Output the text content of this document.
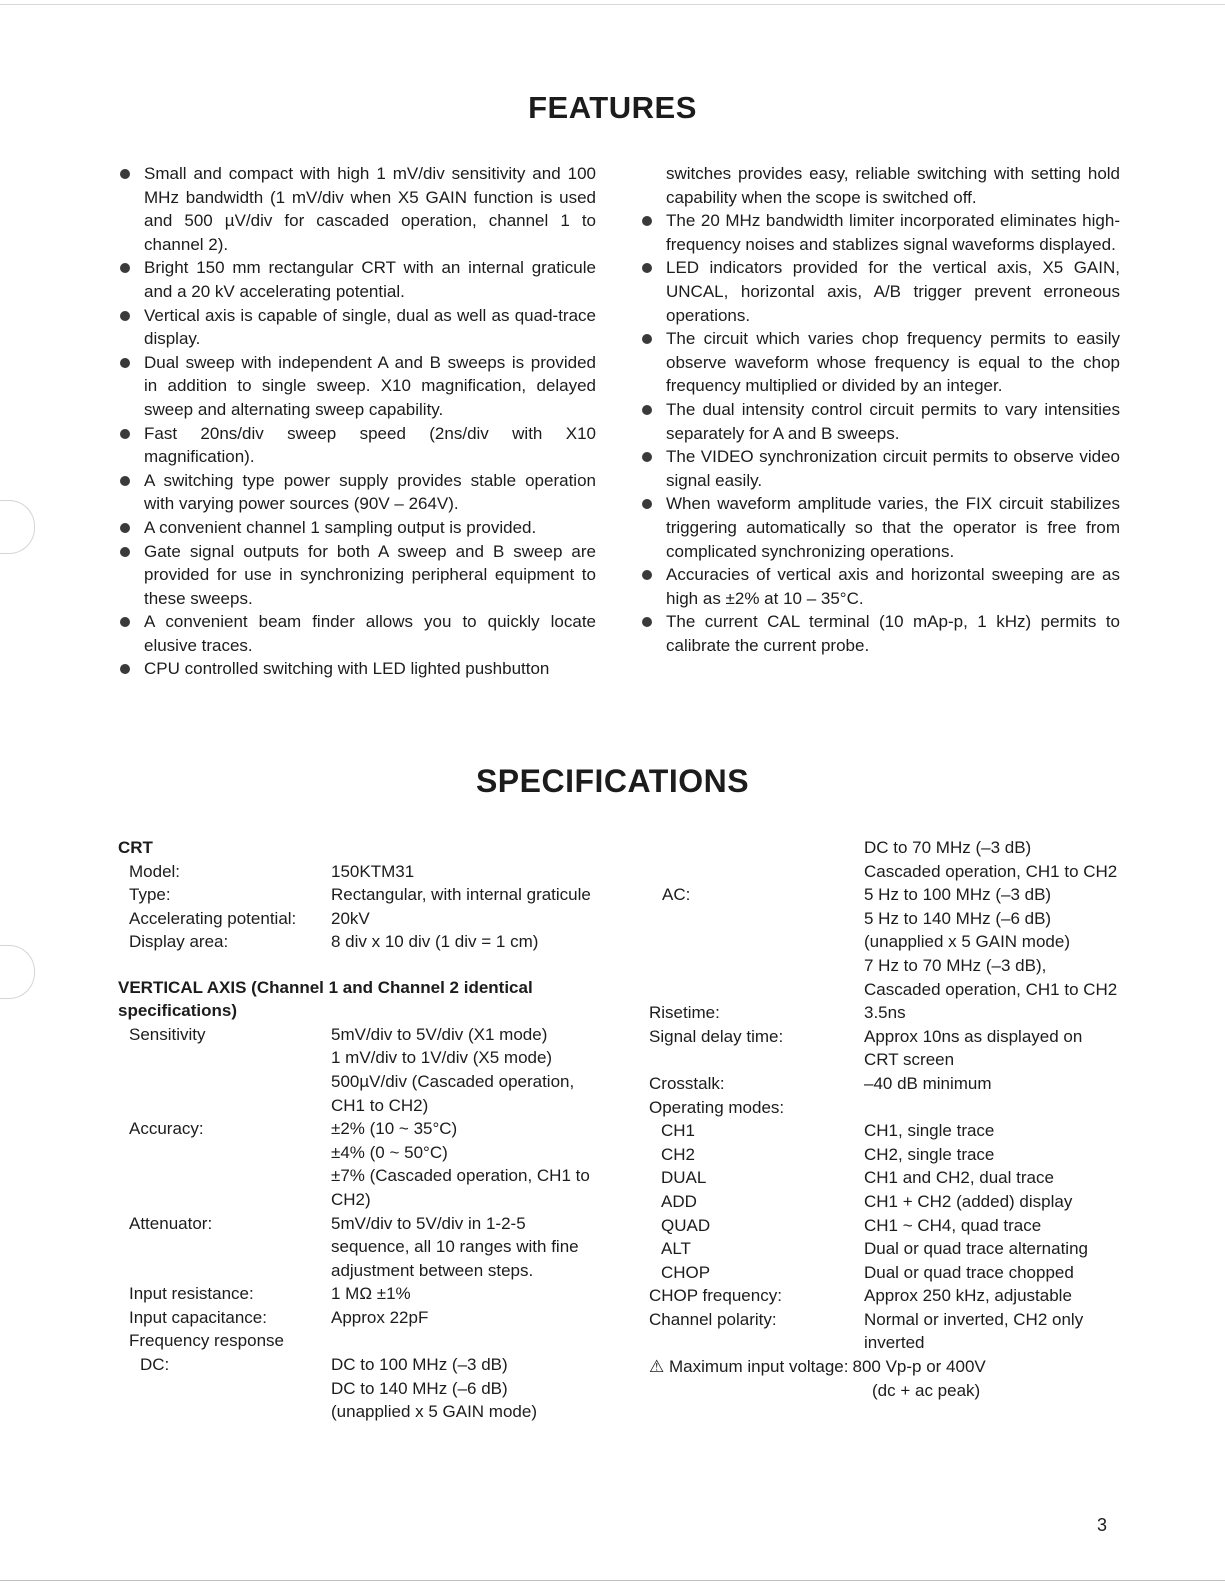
FEATURES
Small and compact with high 1 mV/div sensitivity and 100 MHz bandwidth (1 mV/div when X5 GAIN function is used and 500 µV/div for cascaded operation, channel 1 to channel 2).
Bright 150 mm rectangular CRT with an internal graticule and a 20 kV accelerating potential.
Vertical axis is capable of single, dual as well as quad-trace display.
Dual sweep with independent A and B sweeps is provided in addition to single sweep. X10 magnification, delayed sweep and alternating sweep capability.
Fast 20ns/div sweep speed (2ns/div with X10 magnification).
A switching type power supply provides stable operation with varying power sources (90V – 264V).
A convenient channel 1 sampling output is provided.
Gate signal outputs for both A sweep and B sweep are provided for use in synchronizing peripheral equipment to these sweeps.
A convenient beam finder allows you to quickly locate elusive traces.
CPU controlled switching with LED lighted pushbutton
switches provides easy, reliable switching with setting hold capability when the scope is switched off.
The 20 MHz bandwidth limiter incorporated eliminates high-frequency noises and stablizes signal waveforms displayed.
LED indicators provided for the vertical axis, X5 GAIN, UNCAL, horizontal axis, A/B trigger prevent erroneous operations.
The circuit which varies chop frequency permits to easily observe waveform whose frequency is equal to the chop frequency multiplied or divided by an integer.
The dual intensity control circuit permits to vary intensities separately for A and B sweeps.
The VIDEO synchronization circuit permits to observe video signal easily.
When waveform amplitude varies, the FIX circuit stabilizes triggering automatically so that the operator is free from complicated synchronizing operations.
Accuracies of vertical axis and horizontal sweeping are as high as ±2% at 10 – 35°C.
The current CAL terminal (10 mAp-p, 1 kHz) permits to calibrate the current probe.
SPECIFICATIONS
CRT
Model:	150KTM31
Type:	Rectangular, with internal graticule
Accelerating potential:	20kV
Display area:	8 div x 10 div (1 div = 1 cm)
VERTICAL AXIS (Channel 1 and Channel 2 identical specifications)
Sensitivity	5mV/div to 5V/div (X1 mode)
1 mV/div to 1V/div (X5 mode)
500µV/div (Cascaded operation, CH1 to CH2)
Accuracy:	±2% (10 ~ 35°C)
±4% (0 ~ 50°C)
±7% (Cascaded operation, CH1 to CH2)
Attenuator:	5mV/div to 5V/div in 1-2-5 sequence, all 10 ranges with fine adjustment between steps.
Input resistance:	1 MΩ ±1%
Input capacitance:	Approx 22pF
Frequency response
DC:	DC to 100 MHz (–3 dB)
DC to 140 MHz (–6 dB)
(unapplied x 5 GAIN mode)
DC to 70 MHz (–3 dB)
Cascaded operation, CH1 to CH2
AC:	5 Hz to 100 MHz (–3 dB)
5 Hz to 140 MHz (–6 dB)
(unapplied x 5 GAIN mode)
7 Hz to 70 MHz (–3 dB), Cascaded operation, CH1 to CH2
Risetime:	3.5ns
Signal delay time:	Approx 10ns as displayed on CRT screen
Crosstalk:	–40 dB minimum
Operating modes:
CH1	CH1, single trace
CH2	CH2, single trace
DUAL	CH1 and CH2, dual trace
ADD	CH1 + CH2 (added) display
QUAD	CH1 ~ CH4, quad trace
ALT	Dual or quad trace alternating
CHOP	Dual or quad trace chopped
CHOP frequency:	Approx 250 kHz, adjustable
Channel polarity:	Normal or inverted, CH2 only inverted
⚠ Maximum input voltage: 800 Vp-p or 400V
(dc + ac peak)
3
